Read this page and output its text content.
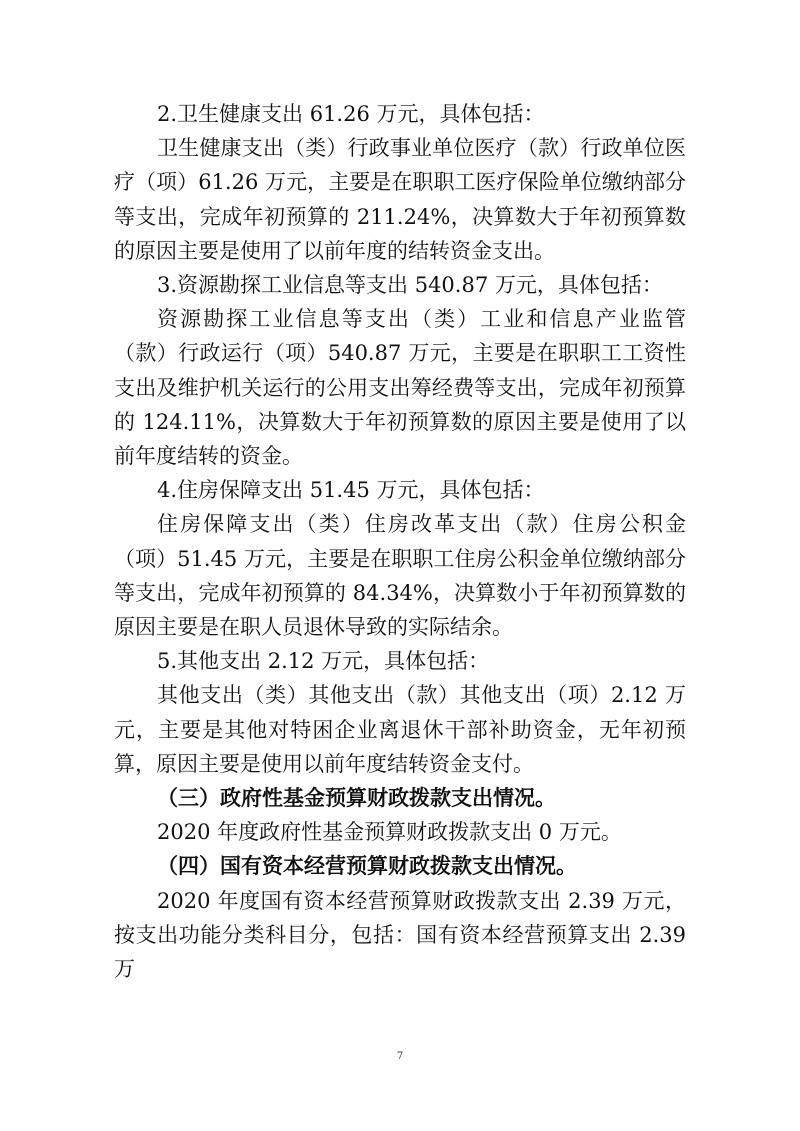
2.卫生健康支出 61.26 万元，具体包括：

卫生健康支出（类）行政事业单位医疗（款）行政单位医疗（项）61.26 万元，主要是在职职工医疗保险单位缴纳部分等支出，完成年初预算的 211.24%，决算数大于年初预算数的原因主要是使用了以前年度的结转资金支出。

3.资源勘探工业信息等支出 540.87 万元，具体包括：

资源勘探工业信息等支出（类）工业和信息产业监管（款）行政运行（项）540.87 万元，主要是在职职工工资性支出及维护机关运行的公用支出筹经费等支出，完成年初预算的 124.11%，决算数大于年初预算数的原因主要是使用了以前年度结转的资金。

4.住房保障支出 51.45 万元，具体包括：

住房保障支出（类）住房改革支出（款）住房公积金（项）51.45 万元，主要是在职职工住房公积金单位缴纳部分等支出，完成年初预算的 84.34%，决算数小于年初预算数的原因主要是在职人员退休导致的实际结余。

5.其他支出 2.12 万元，具体包括：

其他支出（类）其他支出（款）其他支出（项）2.12 万元，主要是其他对特困企业离退休干部补助资金，无年初预算，原因主要是使用以前年度结转资金支付。

（三）政府性基金预算财政拨款支出情况。

2020 年度政府性基金预算财政拨款支出 0 万元。

（四）国有资本经营预算财政拨款支出情况。

2020 年度国有资本经营预算财政拨款支出 2.39 万元，按支出功能分类科目分，包括：国有资本经营预算支出 2.39 万

7
